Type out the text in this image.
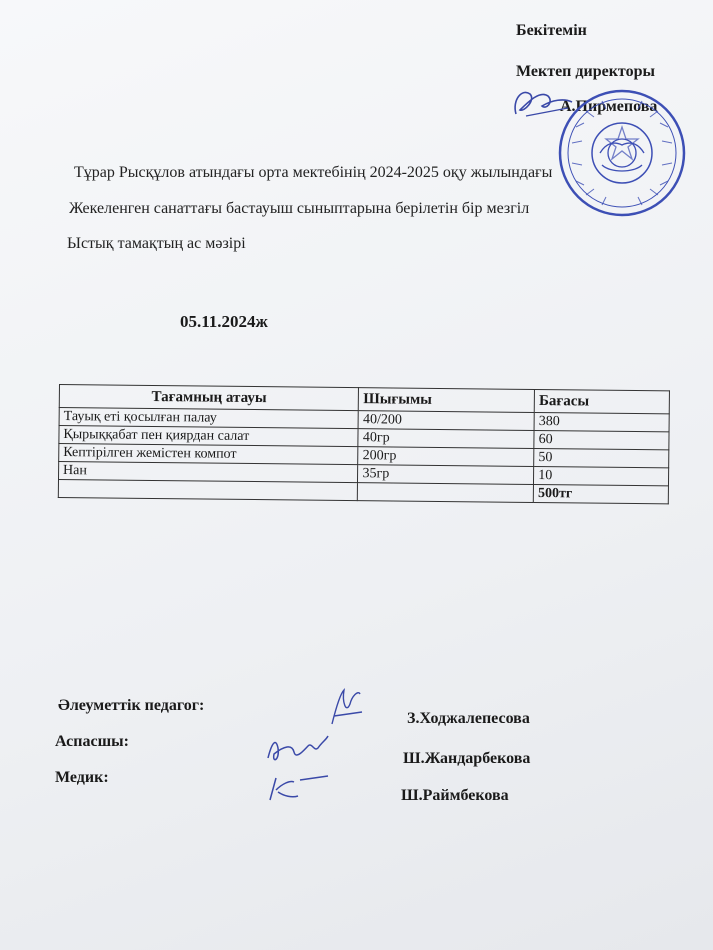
Бекітемін
Мектеп директоры
А.Пирмепова
​
Тұрар Рысқұлов атындағы орта мектебінің 2024-2025 оқу жылындағы
Жекеленген санаттағы бастауыш сыныптарына берілетін бір мезгіл
Ыстық тамақтың ас мәзірі
05.11.2024ж
Тағамның атауы	Шығымы	Бағасы
Тауық еті қосылған палау	40/200	380
Қырыққабат пен қиярдан салат	40гр	60
Кептірілген жемістен компот	200гр	50
Нан	35гр	10
		500тг
Әлеуметтік педагог:
Аспасшы:
Медик:
З.Ходжалепесова
Ш.Жандарбекова
Ш.Раймбекова
